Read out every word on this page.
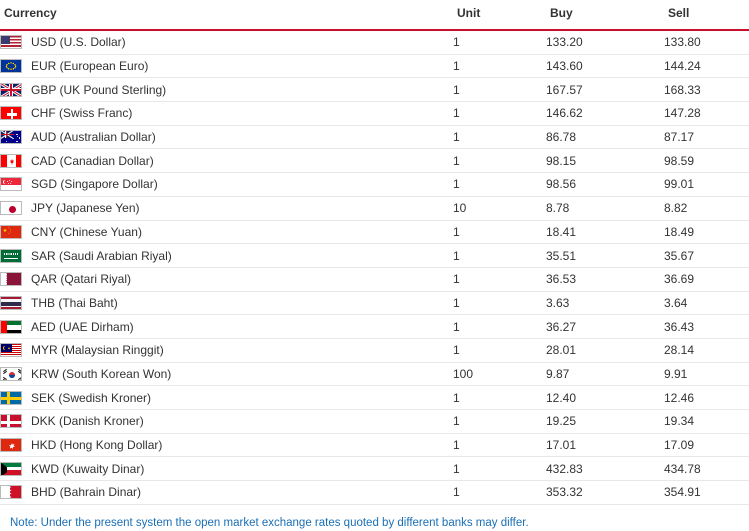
Currency	Unit	Buy	Sell

USD (U.S. Dollar)	1	133.20	133.80

EUR (European Euro)	1	143.60	144.24

GBP (UK Pound Sterling)	1	167.57	168.33

CHF (Swiss Franc)	1	146.62	147.28

AUD (Australian Dollar)	1	86.78	87.17

CAD (Canadian Dollar)	1	98.15	98.59

SGD (Singapore Dollar)	1	98.56	99.01

JPY (Japanese Yen)	10	8.78	8.82

CNY (Chinese Yuan)	1	18.41	18.49

SAR (Saudi Arabian Riyal)	1	35.51	35.67

QAR (Qatari Riyal)	1	36.53	36.69

THB (Thai Baht)	1	3.63	3.64

AED (UAE Dirham)	1	36.27	36.43

MYR (Malaysian Ringgit)	1	28.01	28.14

KRW (South Korean Won)	100	9.87	9.91

SEK (Swedish Kroner)	1	12.40	12.46

DKK (Danish Kroner)	1	19.25	19.34

HKD (Hong Kong Dollar)	1	17.01	17.09

KWD (Kuwaity Dinar)	1	432.83	434.78

BHD (Bahrain Dinar)	1	353.32	354.91
Note: Under the present system the open market exchange rates quoted by different banks may differ.
